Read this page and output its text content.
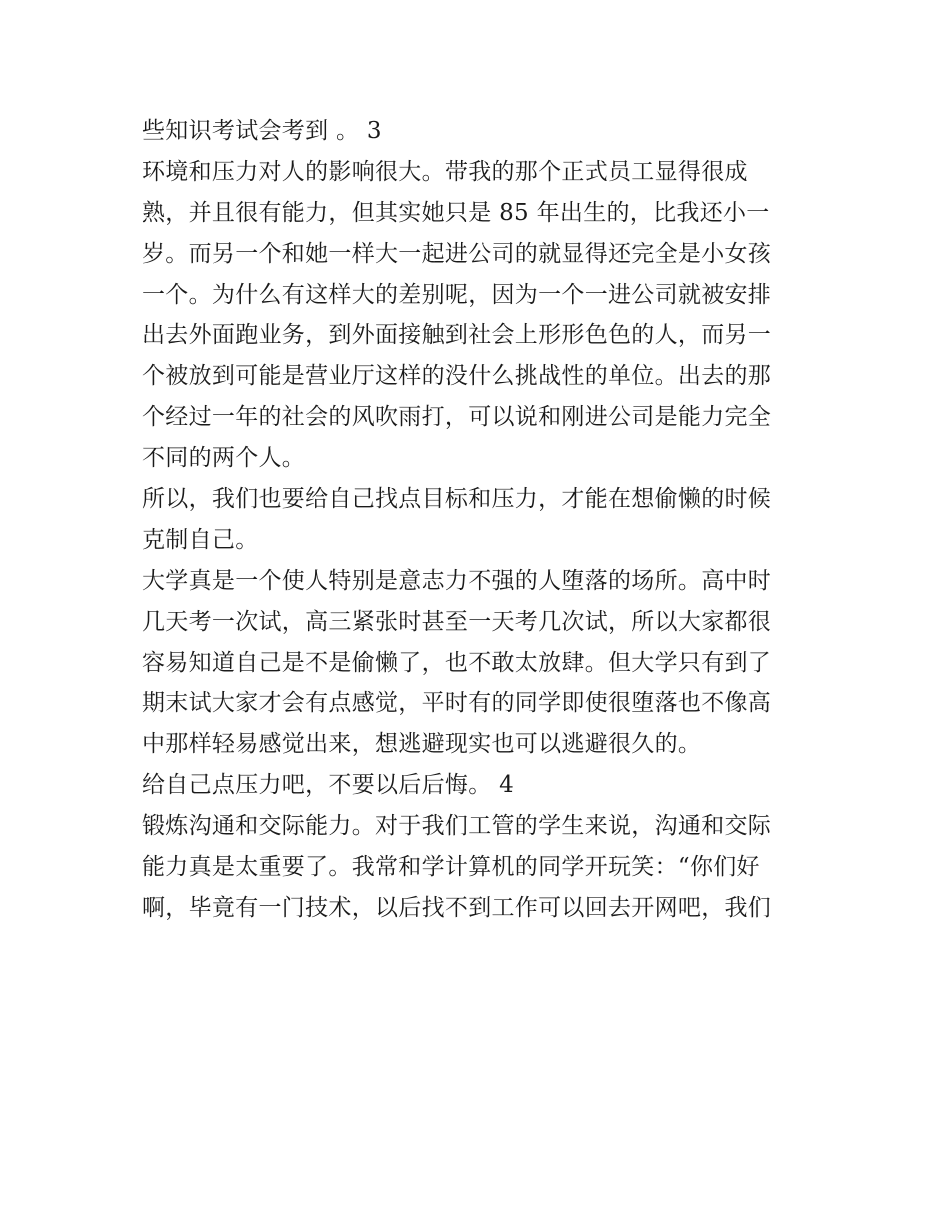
些知识考试会考到 。 3
环境和压力对人的影响很大。带我的那个正式员工显得很成
熟，并且很有能力，但其实她只是 85 年出生的，比我还小一
岁。而另一个和她一样大一起进公司的就显得还完全是小女孩
一个。为什么有这样大的差别呢，因为一个一进公司就被安排
出去外面跑业务，到外面接触到社会上形形色色的人，而另一
个被放到可能是营业厅这样的没什么挑战性的单位。出去的那
个经过一年的社会的风吹雨打，可以说和刚进公司是能力完全
不同的两个人。
所以，我们也要给自己找点目标和压力，才能在想偷懒的时候
克制自己。
大学真是一个使人特别是意志力不强的人堕落的场所。高中时
几天考一次试，高三紧张时甚至一天考几次试，所以大家都很
容易知道自己是不是偷懒了，也不敢太放肆。但大学只有到了
期末试大家才会有点感觉，平时有的同学即使很堕落也不像高
中那样轻易感觉出来，想逃避现实也可以逃避很久的。
给自己点压力吧，不要以后后悔。 4
锻炼沟通和交际能力。对于我们工管的学生来说，沟通和交际
能力真是太重要了。我常和学计算机的同学开玩笑：“你们好
啊，毕竟有一门技术，以后找不到工作可以回去开网吧，我们
